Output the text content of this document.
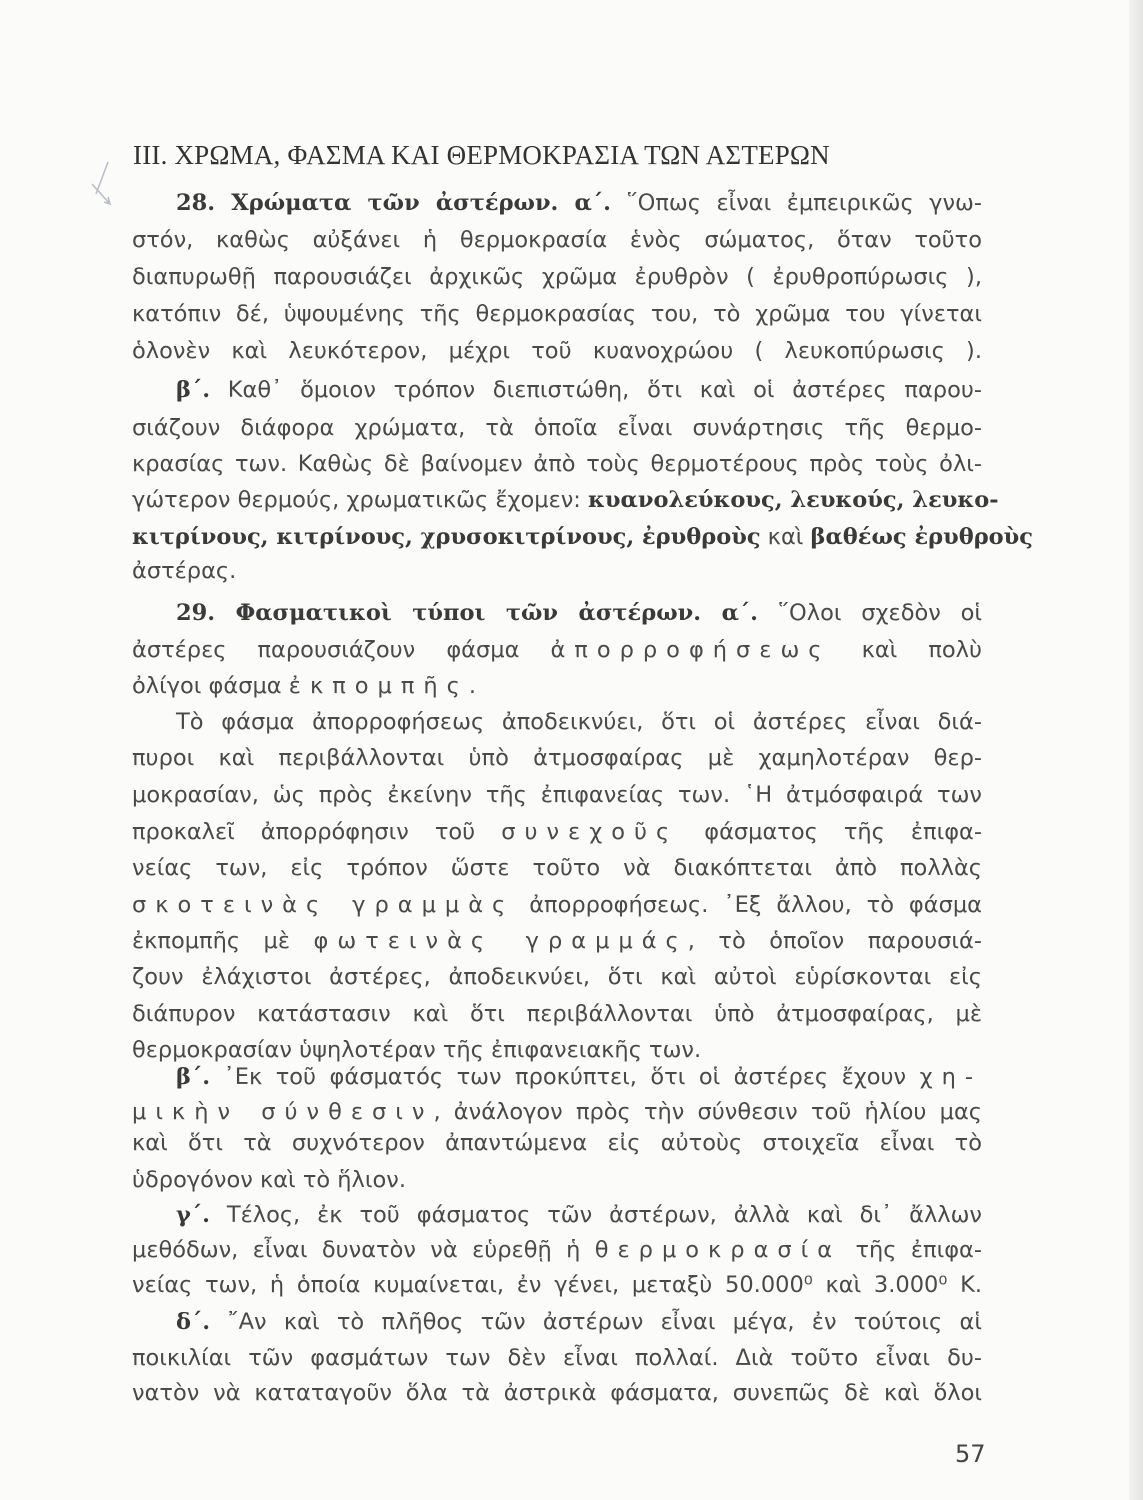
III. ΧΡΩΜΑ, ΦΑΣΜΑ ΚΑΙ ΘΕΡΜΟΚΡΑΣΙΑ ΤΩΝ ΑΣΤΕΡΩΝ
28. Χρώματα τῶν ἀστέρων. α΄. ῞Οπως εἶναι ἐμπειρικῶς γνω-
στόν, καθὼς αὐξάνει ἡ θερμοκρασία ἑνὸς σώματος, ὅταν τοῦτο
διαπυρωθῇ παρουσιάζει ἀρχικῶς χρῶμα ἐρυθρὸν ( ἐρυθροπύρωσις ),
κατόπιν δέ, ὑψουμένης τῆς θερμοκρασίας του, τὸ χρῶμα του γίνεται
ὁλονὲν καὶ λευκότερον, μέχρι τοῦ κυανοχρώου ( λευκοπύρωσις ).
β΄. Καθ᾽ ὅμοιον τρόπον διεπιστώθη, ὅτι καὶ οἱ ἀστέρες παρου-
σιάζουν διάφορα χρώματα, τὰ ὁποῖα εἶναι συνάρτησις τῆς θερμο-
κρασίας των. Καθὼς δὲ βαίνομεν ἀπὸ τοὺς θερμοτέρους πρὸς τοὺς ὀλι-
γώτερον θερμούς, χρωματικῶς ἔχομεν: κυανολεύκους, λευκούς, λευκο-
κιτρίνους, κιτρίνους, χρυσοκιτρίνους, ἐρυθροὺς καὶ βαθέως ἐρυθροὺς
ἀστέρας.
29. Φασματικοὶ τύποι τῶν ἀστέρων. α΄. ῞Ολοι σχεδὸν οἱ
ἀστέρες παρουσιάζουν φάσμα ἀπορροφήσεως καὶ πολὺ
ὀλίγοι φάσμα ἐκπομπῆς.
Τὸ φάσμα ἀπορροφήσεως ἀποδεικνύει, ὅτι οἱ ἀστέρες εἶναι διά-
πυροι καὶ περιβάλλονται ὑπὸ ἀτμοσφαίρας μὲ χαμηλοτέραν θερ-
μοκρασίαν, ὡς πρὸς ἐκείνην τῆς ἐπιφανείας των. ῾Η ἀτμόσφαιρά των
προκαλεῖ ἀπορρόφησιν τοῦ συνεχοῦς φάσματος τῆς ἐπιφα-
νείας των, εἰς τρόπον ὥστε τοῦτο νὰ διακόπτεται ἀπὸ πολλὰς
σκοτεινὰς γραμμὰς ἀπορροφήσεως. ᾽Εξ ἄλλου, τὸ φάσμα
ἐκπομπῆς μὲ φωτεινὰς γραμμάς, τὸ ὁποῖον παρουσιά-
ζουν ἐλάχιστοι ἀστέρες, ἀποδεικνύει, ὅτι καὶ αὐτοὶ εὑρίσκονται εἰς
διάπυρον κατάστασιν καὶ ὅτι περιβάλλονται ὑπὸ ἀτμοσφαίρας, μὲ
θερμοκρασίαν ὑψηλοτέραν τῆς ἐπιφανειακῆς των.
β΄. ᾽Εκ τοῦ φάσματός των προκύπτει, ὅτι οἱ ἀστέρες ἔχουν χη-
μικὴν σύνθεσιν, ἀνάλογον πρὸς τὴν σύνθεσιν τοῦ ἡλίου μας
καὶ ὅτι τὰ συχνότερον ἀπαντώμενα εἰς αὐτοὺς στοιχεῖα εἶναι τὸ
ὑδρογόνον καὶ τὸ ἥλιον.
γ΄. Τέλος, ἐκ τοῦ φάσματος τῶν ἀστέρων, ἀλλὰ καὶ δι᾽ ἄλλων
μεθόδων, εἶναι δυνατὸν νὰ εὑρεθῇ ἡ θερμοκρασία τῆς ἐπιφα-
νείας των, ἡ ὁποία κυμαίνεται, ἐν γένει, μεταξὺ 50.000⁰ καὶ 3.000⁰ Κ.
δ΄. ῎Αν καὶ τὸ πλῆθος τῶν ἀστέρων εἶναι μέγα, ἐν τούτοις αἱ
ποικιλίαι τῶν φασμάτων των δὲν εἶναι πολλαί. Διὰ τοῦτο εἶναι δυ-
νατὸν νὰ καταταγοῦν ὅλα τὰ ἀστρικὰ φάσματα, συνεπῶς δὲ καὶ ὅλοι
57
